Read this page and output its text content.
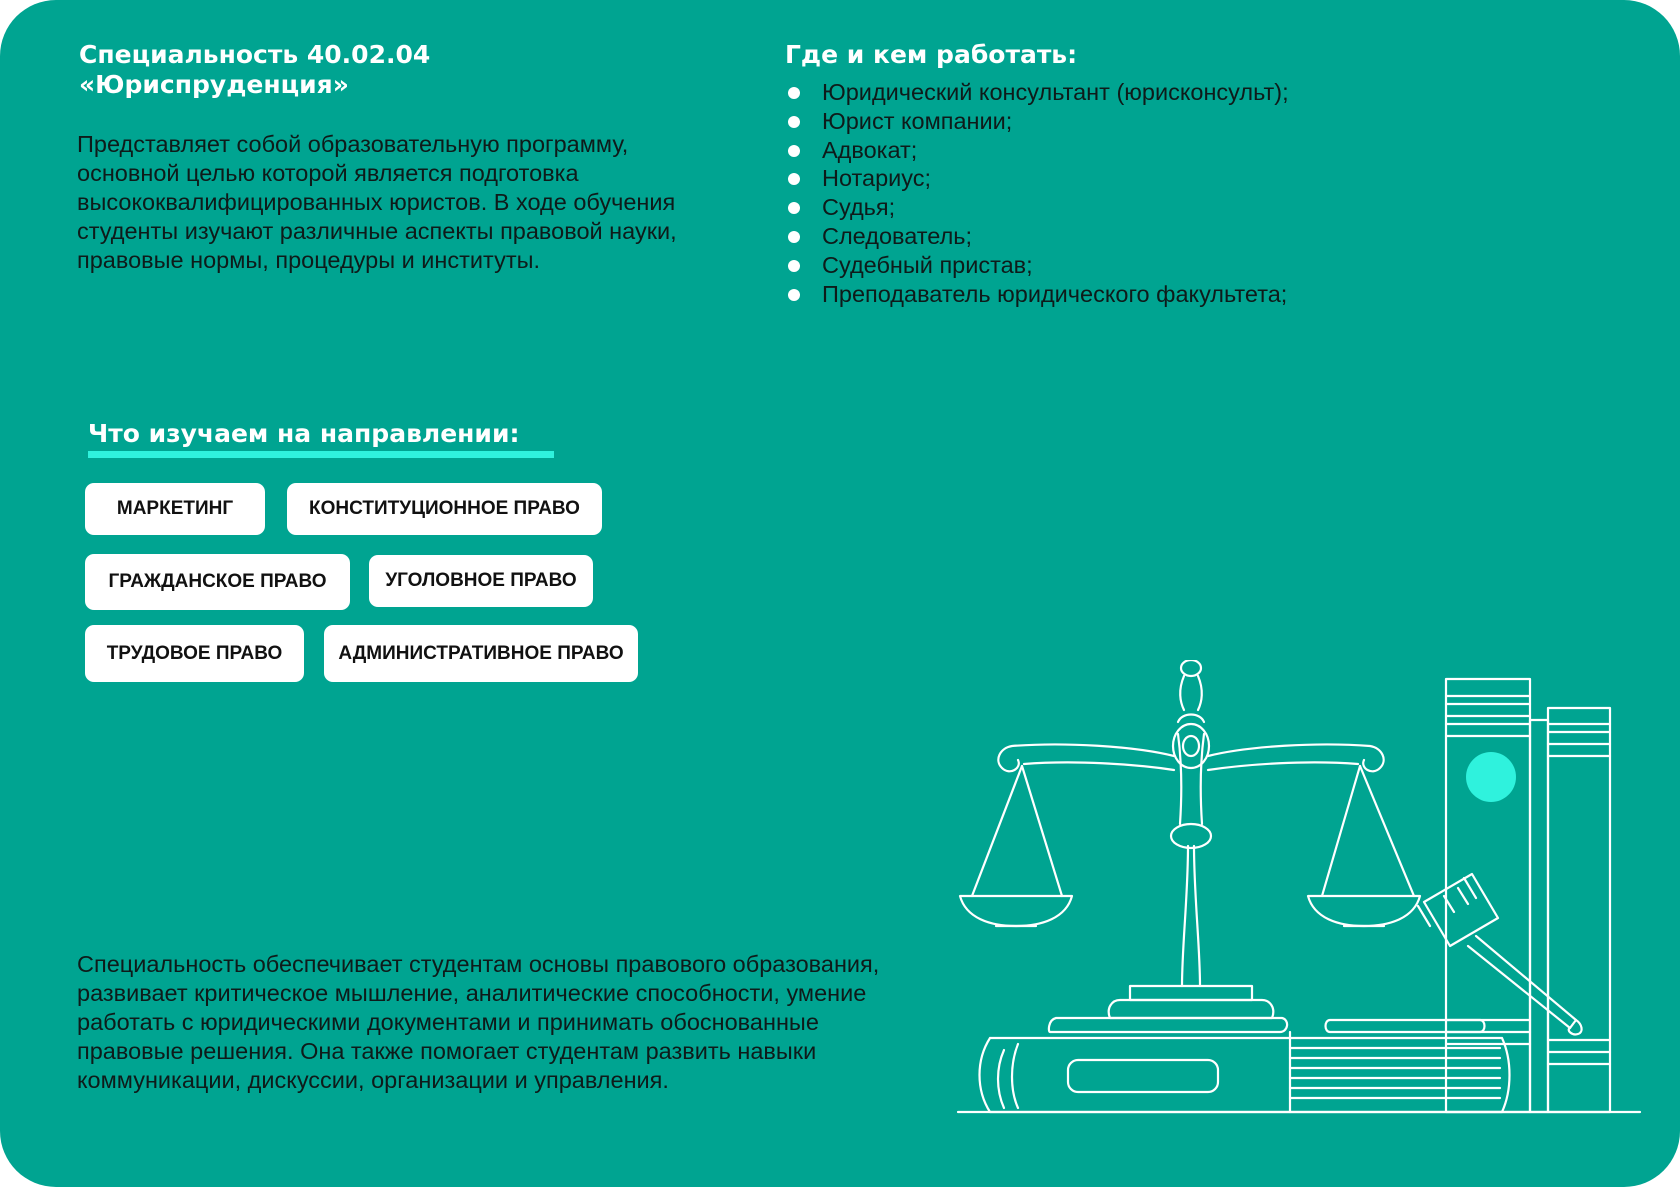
Специальность 40.02.04
«Юриспруденция»
Представляет собой образовательную программу, основной целью которой является подготовка высококвалифицированных юристов. В ходе обучения студенты изучают различные аспекты правовой науки, правовые нормы, процедуры и институты.
Где и кем работать:
Юридический консультант (юрисконсульт);
Юрист компании;
Адвокат;
Нотариус;
Судья;
Следователь;
Судебный пристав;
Преподаватель юридического факультета;
Что изучаем на направлении:
МАРКЕТИНГ	КОНСТИТУЦИОННОЕ ПРАВО
ГРАЖДАНСКОЕ ПРАВО	УГОЛОВНОЕ ПРАВО
ТРУДОВОЕ ПРАВО	АДМИНИСТРАТИВНОЕ ПРАВО
Специальность обеспечивает студентам основы правового образования, развивает критическое мышление, аналитические способности, умение работать с юридическими документами и принимать обоснованные правовые решения. Она также помогает студентам развить навыки коммуникации, дискуссии, организации и управления.
